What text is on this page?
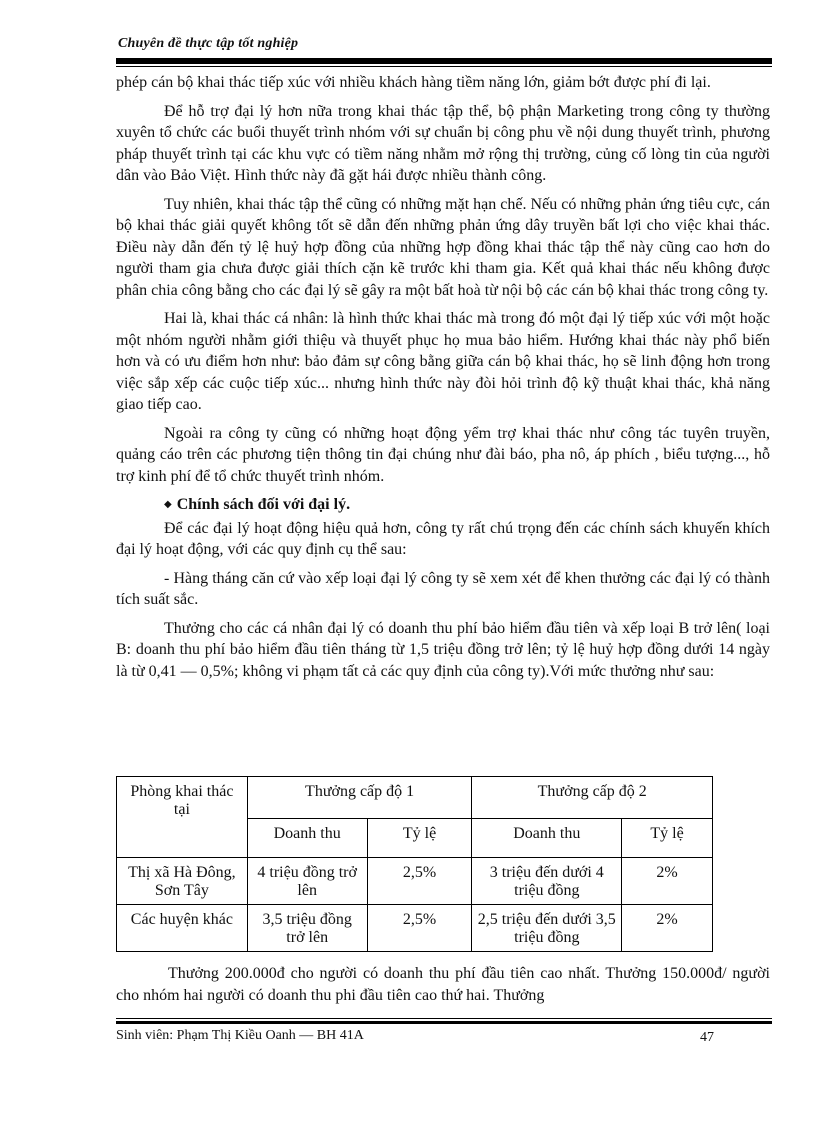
Chuyên đề thực tập tốt nghiệp

phép cán bộ khai thác tiếp xúc với nhiều khách hàng tiềm năng lớn, giảm bớt được phí đi lại.

Để hỗ trợ đại lý hơn nữa trong khai thác tập thể, bộ phận Marketing trong công ty thường xuyên tổ chức các buổi thuyết trình nhóm với sự chuẩn bị công phu về nội dung thuyết trình, phương pháp thuyết trình tại các khu vực có tiềm năng nhằm mở rộng thị trường, củng cố lòng tin của người dân vào Bảo Việt. Hình thức này đã gặt hái được nhiều thành công.

Tuy nhiên, khai thác tập thể cũng có những mặt hạn chế. Nếu có những phản ứng tiêu cực, cán bộ khai thác giải quyết không tốt sẽ dẫn đến những phản ứng dây truyền bất lợi cho việc khai thác. Điều này dẫn đến tỷ lệ huỷ hợp đồng của những hợp đồng khai thác tập thể này cũng cao hơn do người tham gia chưa được giải thích cặn kẽ trước khi tham gia. Kết quả khai thác nếu không được phân chia công bằng cho các đại lý sẽ gây ra một bất hoà từ nội bộ các cán bộ khai thác trong công ty.

Hai là, khai thác cá nhân: là hình thức khai thác mà trong đó một đại lý tiếp xúc với một hoặc một nhóm người nhằm giới thiệu và thuyết phục họ mua bảo hiểm. Hướng khai thác này phổ biến hơn và có ưu điểm hơn như: bảo đảm sự công bằng giữa cán bộ khai thác, họ sẽ linh động hơn trong việc sắp xếp các cuộc tiếp xúc... nhưng hình thức này đòi hỏi trình độ kỹ thuật khai thác, khả năng giao tiếp cao.

Ngoài ra công ty cũng có những hoạt động yểm trợ khai thác như công tác tuyên truyền, quảng cáo trên các phương tiện thông tin đại chúng như đài báo, pha nô, áp phích , biểu tượng..., hỗ trợ kinh phí để tổ chức thuyết trình nhóm.

◆ Chính sách đối với đại lý.

Để các đại lý hoạt động hiệu quả hơn, công ty rất chú trọng đến các chính sách khuyến khích đại lý hoạt động, với các quy định cụ thể sau:

- Hàng tháng căn cứ vào xếp loại đại lý công ty sẽ xem xét để khen thưởng các đại lý có thành tích suất sắc.

Thưởng cho các cá nhân đại lý có doanh thu phí bảo hiểm đầu tiên và xếp loại B trở lên( loại B: doanh thu phí bảo hiểm đầu tiên tháng từ 1,5 triệu đồng trở lên; tỷ lệ huỷ hợp đồng dưới 14 ngày là từ 0,41 — 0,5%; không vi phạm tất cả các quy định của công ty).Với mức thưởng như sau:

Phòng khai thác tại	Thưởng cấp độ 1		Thưởng cấp độ 2	
	Doanh thu	Tỷ lệ	Doanh thu	Tỷ lệ
Thị xã Hà Đông, Sơn Tây	4 triệu đồng trở lên	2,5%	3 triệu đến dưới 4 triệu đồng	2%
Các huyện khác	3,5 triệu đồng trở lên	2,5%	2,5 triệu đến dưới 3,5 triệu đồng	2%

Thưởng 200.000đ cho người có doanh thu phí đầu tiên cao nhất. Thưởng 150.000đ/ người cho nhóm hai người có doanh thu phi đầu tiên cao thứ hai. Thưởng

Sinh viên: Phạm Thị Kiều Oanh — BH 41A	47
